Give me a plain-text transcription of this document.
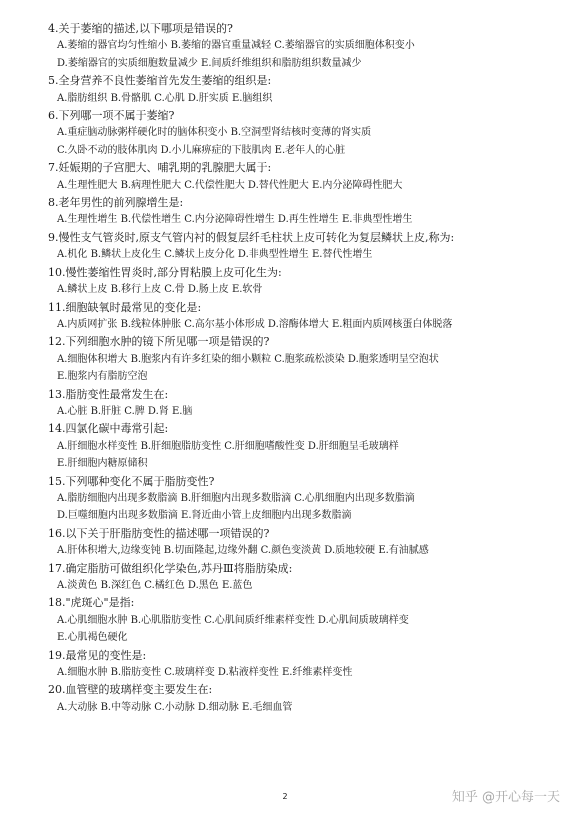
4.关于萎缩的描述,以下哪项是错误的?

A.萎缩的器官均匀性缩小 B.萎缩的器官重量减轻 C.萎缩器官的实质细胞体积变小

D.萎缩器官的实质细胞数量减少 E.间质纤维组织和脂肪组织数量减少

5.全身营养不良性萎缩首先发生萎缩的组织是:

A.脂肪组织 B.骨骼肌 C.心肌 D.肝实质 E.脑组织

6.下列哪一项不属于萎缩?

A.重症脑动脉粥样硬化时的脑体积变小 B.空洞型肾结核时变薄的肾实质

C.久卧不动的肢体肌肉 D.小儿麻痹症的下肢肌肉 E.老年人的心脏

7.妊娠期的子宫肥大、哺乳期的乳腺肥大属于:

A.生理性肥大 B.病理性肥大 C.代偿性肥大 D.替代性肥大 E.内分泌障碍性肥大

8.老年男性的前列腺增生是:

A.生理性增生 B.代偿性增生 C.内分泌障碍性增生 D.再生性增生 E.非典型性增生

9.慢性支气管炎时,原支气管内衬的假复层纤毛柱状上皮可转化为复层鳞状上皮,称为:

A.机化 B.鳞状上皮化生 C.鳞状上皮分化 D.非典型性增生 E.替代性增生

10.慢性萎缩性胃炎时,部分胃粘膜上皮可化生为:

A.鳞状上皮 B.移行上皮 C.骨 D.肠上皮 E.软骨

11.细胞缺氧时最常见的变化是:

A.内质网扩张 B.线粒体肿胀 C.高尔基小体形成 D.溶酶体增大 E.粗面内质网核蛋白体脱落

12.下列细胞水肿的镜下所见哪一项是错误的?

A.细胞体积增大 B.胞浆内有许多红染的细小颗粒 C.胞浆疏松淡染 D.胞浆透明呈空泡状

E.胞浆内有脂肪空泡

13.脂肪变性最常发生在:

A.心脏 B.肝脏 C.脾 D.肾 E.脑

14.四氯化碳中毒常引起:

A.肝细胞水样变性 B.肝细胞脂肪变性 C.肝细胞嗜酸性变 D.肝细胞呈毛玻璃样

E.肝细胞内糖原储积

15.下列哪种变化不属于脂肪变性?

A.脂肪细胞内出现多数脂滴 B.肝细胞内出现多数脂滴 C.心肌细胞内出现多数脂滴

D.巨噬细胞内出现多数脂滴 E.肾近曲小管上皮细胞内出现多数脂滴

16.以下关于肝脂肪变性的描述哪一项错误的?

A.肝体积增大,边缘变钝 B.切面隆起,边缘外翻 C.颜色变淡黄 D.质地较硬 E.有油腻感

17.确定脂肪可做组织化学染色,苏丹Ⅲ将脂肪染成:

A.淡黄色 B.深红色 C.橘红色 D.黑色 E.蓝色

18."虎斑心"是指:

A.心肌细胞水肿 B.心肌脂肪变性 C.心肌间质纤维素样变性 D.心肌间质玻璃样变

E.心肌褐色硬化

19.最常见的变性是:

A.细胞水肿 B.脂肪变性 C.玻璃样变 D.粘液样变性 E.纤维素样变性

20.血管壁的玻璃样变主要发生在:

A.大动脉 B.中等动脉 C.小动脉 D.细动脉 E.毛细血管

2	知乎 @开心每一天
